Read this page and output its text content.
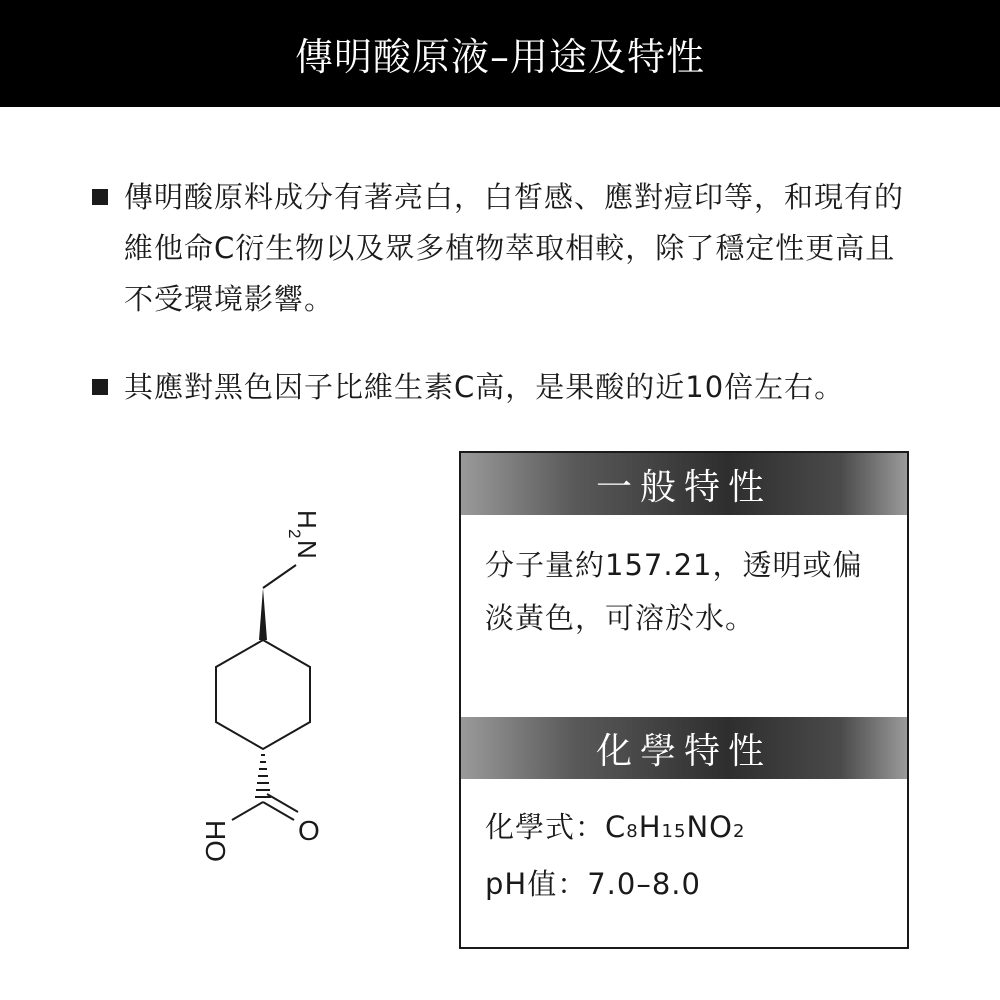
傳明酸原液–用途及特性
傳明酸原料成分有著亮白，白皙感、應對痘印等，和現有的維他命C衍生物以及眾多植物萃取相較，除了穩定性更高且不受環境影響。
其應對黑色因子比維生素C高，是果酸的近10倍左右。
H
2
N
O
HO
一般特性
分子量約157.21，透明或偏
淡黃色，可溶於水。
化學特性
化學式：C8H15NO2
pH值：7.0–8.0
